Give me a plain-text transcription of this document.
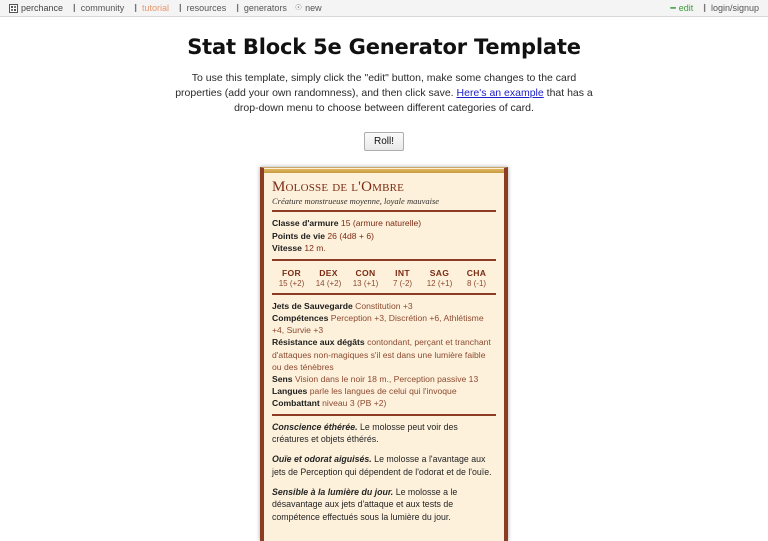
perchance ❙ community ❙ tutorial ❙ resources ❙ generators ☉ new	━ edit ❙ login/signup
Stat Block 5e Generator Template

To use this template, simply click the "edit" button, make some changes to the card properties (add your own randomness), and then click save. Here's an example that has a drop-down menu to choose between different categories of card.

Roll!
Molosse de l'Ombre
Créature monstrueuse moyenne, loyale mauvaise
Classe d'armure 15 (armure naturelle)
Points de vie 26 (4d8 + 6)
Vitesse 12 m.
FOR
15 (+2)
DEX
14 (+2)
CON
13 (+1)
INT
7 (-2)
SAG
12 (+1)
CHA
8 (-1)
Jets de Sauvegarde Constitution +3
Compétences Perception +3, Discrétion +6, Athlétisme +4, Survie +3
Résistance aux dégâts contondant, perçant et tranchant d'attaques non-magiques s'il est dans une lumière faible ou des ténèbres
Sens Vision dans le noir 18 m., Perception passive 13
Langues parle les langues de celui qui l'invoque
Combattant niveau 3 (PB +2)
Conscience éthérée. Le molosse peut voir des créatures et objets éthérés.
Ouïe et odorat aiguisés. Le molosse a l'avantage aux jets de Perception qui dépendent de l'odorat et de l'ouïe.
Sensible à la lumière du jour. Le molosse a le désavantage aux jets d'attaque et aux tests de compétence effectués sous la lumière du jour.
